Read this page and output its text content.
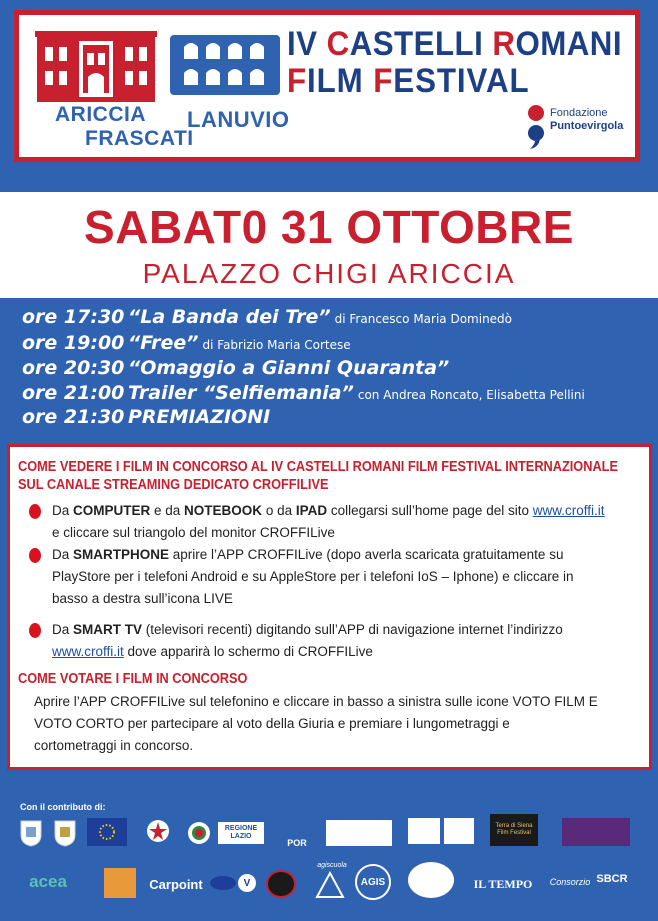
ARICCIA LANUVIO
FRASCATI
IV CASTELLI ROMANI
FILM FESTIVAL
Fondazione
Puntoevirgola
SABAT0 31 OTTOBRE
PALAZZO CHIGI ARICCIA
ore 17:30 “La Banda dei Tre” di Francesco Maria Dominedò
ore 19:00 “Free” di Fabrizio Maria Cortese
ore 20:30 “Omaggio a Gianni Quaranta”
ore 21:00 Trailer “Selfiemania” con Andrea Roncato, Elisabetta Pellini
ore 21:30 PREMIAZIONI
COME VEDERE I FILM IN CONCORSO AL IV CASTELLI ROMANI FILM FESTIVAL INTERNAZIONALE
SUL CANALE STREAMING DEDICATO CROFFILIVE
Da COMPUTER e da NOTEBOOK o da IPAD collegarsi sull’home page del sito www.croffi.it
e cliccare sul triangolo del monitor CROFFILive
Da SMARTPHONE aprire l’APP CROFFILive (dopo averla scaricata gratuitamente su
PlayStore per i telefoni Android e su AppleStore per i telefoni IoS – Iphone) e cliccare in
basso a destra sull’icona LIVE
Da SMART TV (televisori recenti) digitando sull’APP di navigazione internet l’indirizzo
www.croffi.it dove apparirà lo schermo di CROFFILive
COME VOTARE I FILM IN CONCORSO
Aprire l’APP CROFFILive sul telefonino e cliccare in basso a sinistra sulle icone VOTO FILM E
VOTO CORTO per partecipare al voto della Giuria e premiare i lungometraggi e
cortometraggi in concorso.
Con il contributo di:
REGIONE LAZIO
POR
Terra di Siena Film Festival
acea	Carpoint	V
agiscuola
AGIS	IL TEMPO	Consorzio SBCR
